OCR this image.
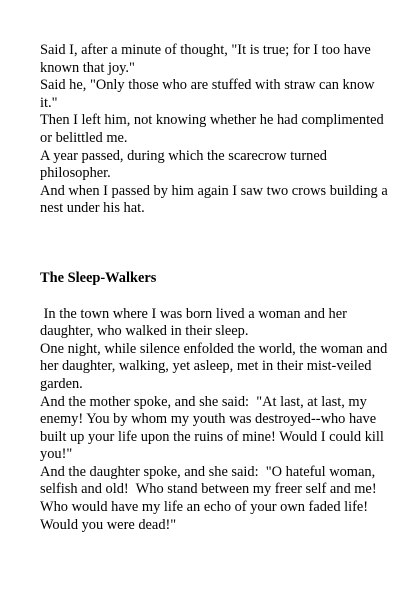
Said I, after a minute of thought, "It is true; for I too have known that joy."

Said he, "Only those who are stuffed with straw can know it."

Then I left him, not knowing whether he had complimented or belittled me.

A year passed, during which the scarecrow turned philosopher.

And when I passed by him again I saw two crows building a nest under his hat.

The Sleep-Walkers

In the town where I was born lived a woman and her daughter, who walked in their sleep.

One night, while silence enfolded the world, the woman and her daughter, walking, yet asleep, met in their mist-veiled garden.

And the mother spoke, and she said:  "At last, at last, my enemy! You by whom my youth was destroyed--who have built up your life upon the ruins of mine! Would I could kill you!"

And the daughter spoke, and she said:  "O hateful woman, selfish and old!  Who stand between my freer self and me!  Who would have my life an echo of your own faded life!  Would you were dead!"
